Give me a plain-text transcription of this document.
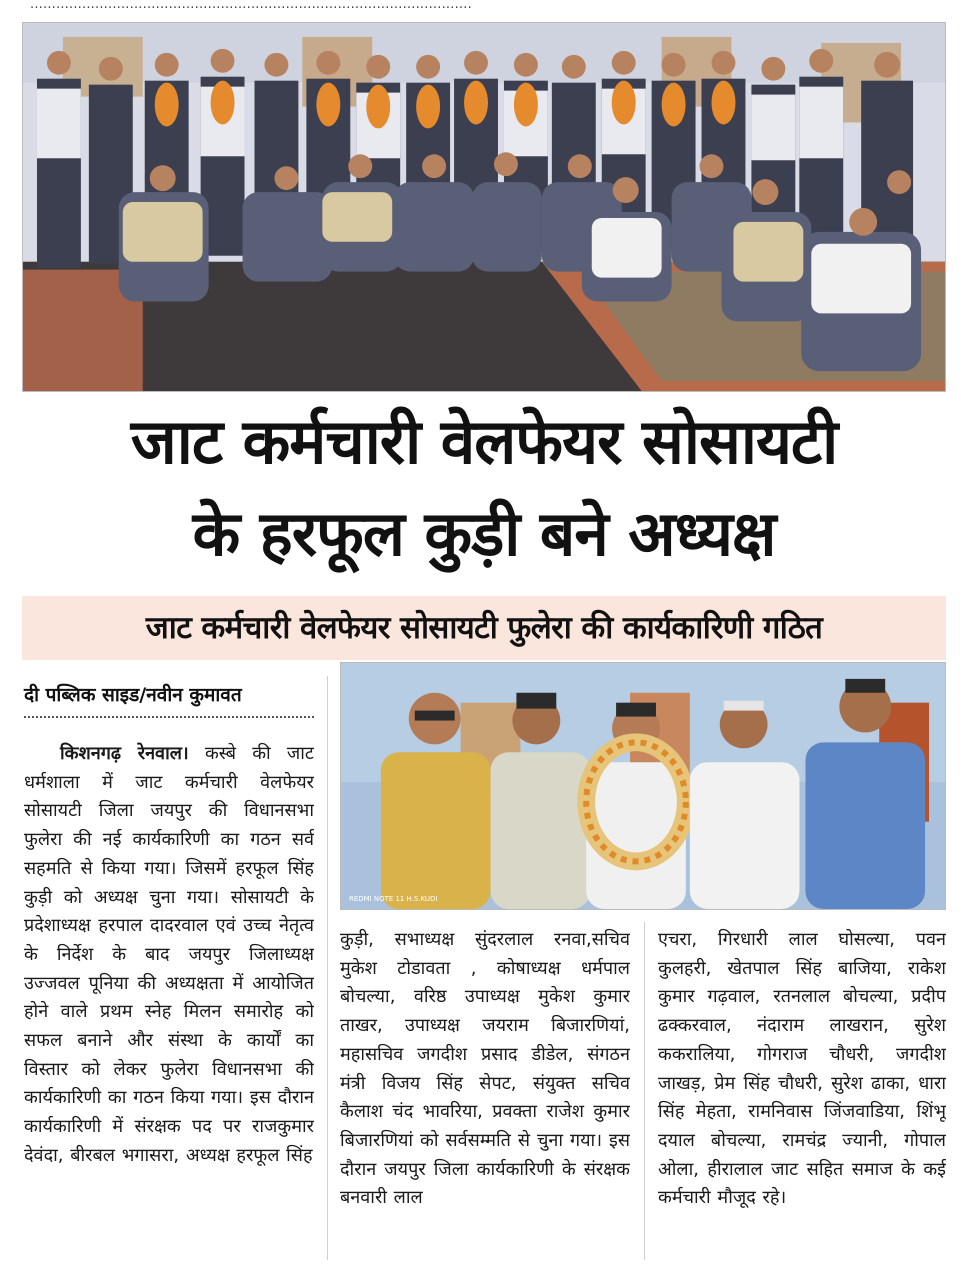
......................................................................................................
जाट कर्मचारी वेलफेयर सोसायटी
के हरफूल कुड़ी बने अध्यक्ष
जाट कर्मचारी वेलफेयर सोसायटी फुलेरा की कार्यकारिणी गठित
दी पब्लिक साइड/नवीन कुमावत
REDMI NOTE 11 H.S.KUDI
  किशनगढ़ रेनवाल। कस्बे की जाट धर्मशाला में जाट कर्मचारी वेलफेयर सोसायटी जिला जयपुर की विधानसभा फुलेरा की नई कार्यकारिणी का गठन सर्व सहमति से किया गया। जिसमें हरफूल सिंह कुड़ी को अध्यक्ष चुना गया। सोसायटी के प्रदेशाध्यक्ष हरपाल दादरवाल एवं उच्च नेतृत्व के निर्देश के बाद जयपुर जिलाध्यक्ष उज्जवल पूनिया की अध्यक्षता में आयोजित होने वाले प्रथम स्नेह मिलन समारोह को सफल बनाने और संस्था के कार्यों का विस्तार को लेकर फुलेरा विधानसभा की कार्यकारिणी का गठन किया गया। इस दौरान कार्यकारिणी में संरक्षक पद पर राजकुमार देवंदा, बीरबल भगासरा, अध्यक्ष हरफूल सिंह
कुड़ी, सभाध्यक्ष सुंदरलाल रनवा,सचिव मुकेश टोडावता , कोषाध्यक्ष धर्मपाल बोचल्या, वरिष्ठ उपाध्यक्ष मुकेश कुमार ताखर, उपाध्यक्ष जयराम बिजारणियां, महासचिव जगदीश प्रसाद डीडेल, संगठन मंत्री विजय सिंह सेपट, संयुक्त सचिव कैलाश चंद भावरिया, प्रवक्ता राजेश कुमार बिजारणियां को सर्वसम्मति से चुना गया। इस दौरान जयपुर जिला कार्यकारिणी के संरक्षक बनवारी लाल
एचरा, गिरधारी लाल घोसल्या, पवन कुलहरी, खेतपाल सिंह बाजिया, राकेश कुमार गढ़वाल, रतनलाल बोचल्या, प्रदीप ढक्करवाल, नंदाराम लाखरान, सुरेश ककरालिया, गोगराज चौधरी, जगदीश जाखड़, प्रेम सिंह चौधरी, सुरेश ढाका, धारा सिंह मेहता, रामनिवास जिंजवाडिया, शिंभू दयाल बोचल्या, रामचंद्र ज्यानी, गोपाल ओला, हीरालाल जाट सहित समाज के कई कर्मचारी मौजूद रहे।
